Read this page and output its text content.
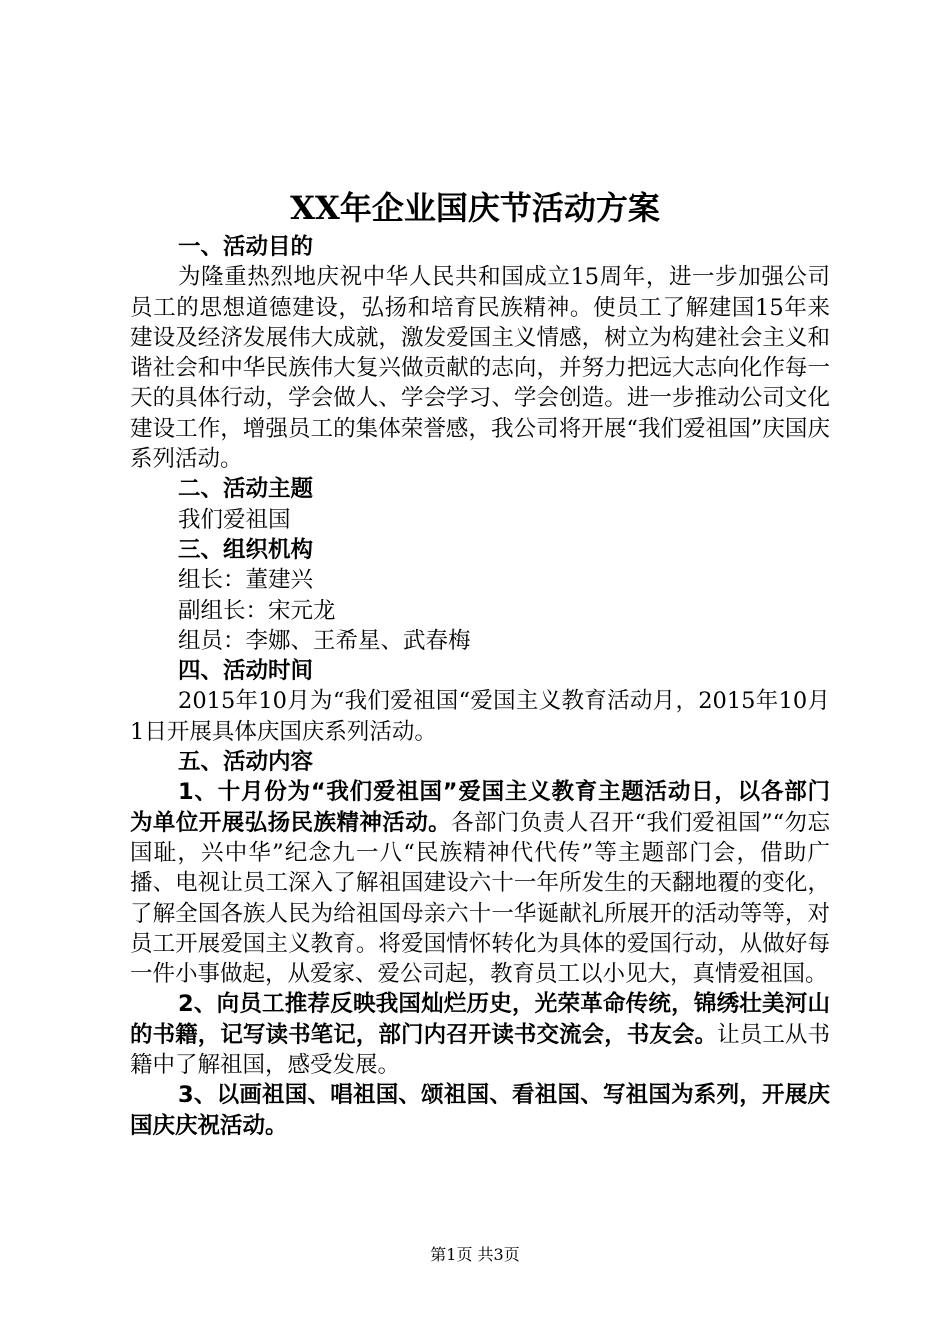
XX年企业国庆节活动方案

一、活动目的

为隆重热烈地庆祝中华人民共和国成立15周年，进一步加强公司员工的思想道德建设，弘扬和培育民族精神。使员工了解建国15年来建设及经济发展伟大成就，激发爱国主义情感，树立为构建社会主义和谐社会和中华民族伟大复兴做贡献的志向，并努力把远大志向化作每一天的具体行动，学会做人、学会学习、学会创造。进一步推动公司文化建设工作，增强员工的集体荣誉感，我公司将开展“我们爱祖国”庆国庆系列活动。

二、活动主题

我们爱祖国

三、组织机构

组长：董建兴

副组长：宋元龙

组员：李娜、王希星、武春梅

四、活动时间

2015年10月为“我们爱祖国“爱国主义教育活动月，2015年10月1日开展具体庆国庆系列活动。

五、活动内容

1、十月份为“我们爱祖国”爱国主义教育主题活动日，以各部门为单位开展弘扬民族精神活动。各部门负责人召开“我们爱祖国”“勿忘国耻，兴中华”纪念九一八“民族精神代代传”等主题部门会，借助广播、电视让员工深入了解祖国建设六十一年所发生的天翻地覆的变化，了解全国各族人民为给祖国母亲六十一华诞献礼所展开的活动等等，对员工开展爱国主义教育。将爱国情怀转化为具体的爱国行动，从做好每一件小事做起，从爱家、爱公司起，教育员工以小见大，真情爱祖国。

2、向员工推荐反映我国灿烂历史，光荣革命传统，锦绣壮美河山的书籍，记写读书笔记，部门内召开读书交流会，书友会。让员工从书籍中了解祖国，感受发展。

3、以画祖国、唱祖国、颂祖国、看祖国、写祖国为系列，开展庆国庆庆祝活动。

第1页 共3页
